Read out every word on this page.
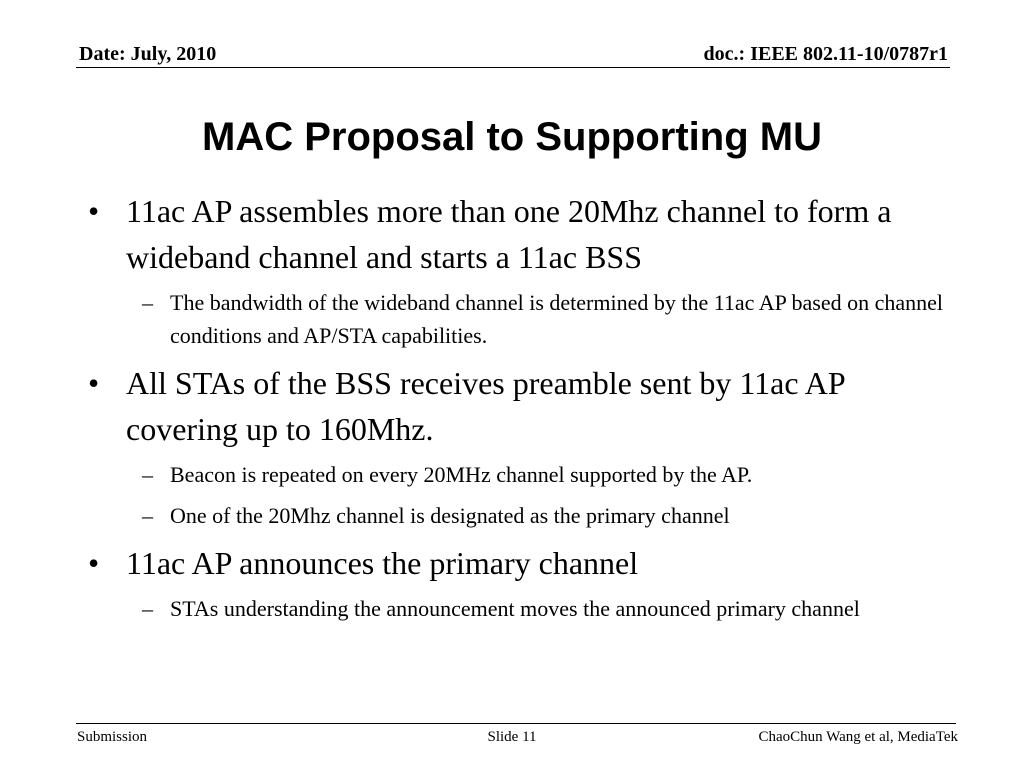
Date: July, 2010	doc.: IEEE 802.11-10/0787r1
MAC Proposal to Supporting MU
• 11ac AP assembles more than one 20Mhz channel to form a wideband channel and starts a 11ac BSS
– The bandwidth of the wideband channel is determined by the 11ac AP based on channel conditions and AP/STA capabilities.
• All STAs of the BSS receives preamble sent by 11ac AP covering up to 160Mhz.
– Beacon is repeated on every 20MHz channel supported by the AP.
– One of the 20Mhz channel is designated as the primary channel
• 11ac AP announces the primary channel
– STAs understanding the announcement moves the announced primary channel
Submission	Slide 11	ChaoChun Wang et al, MediaTek
